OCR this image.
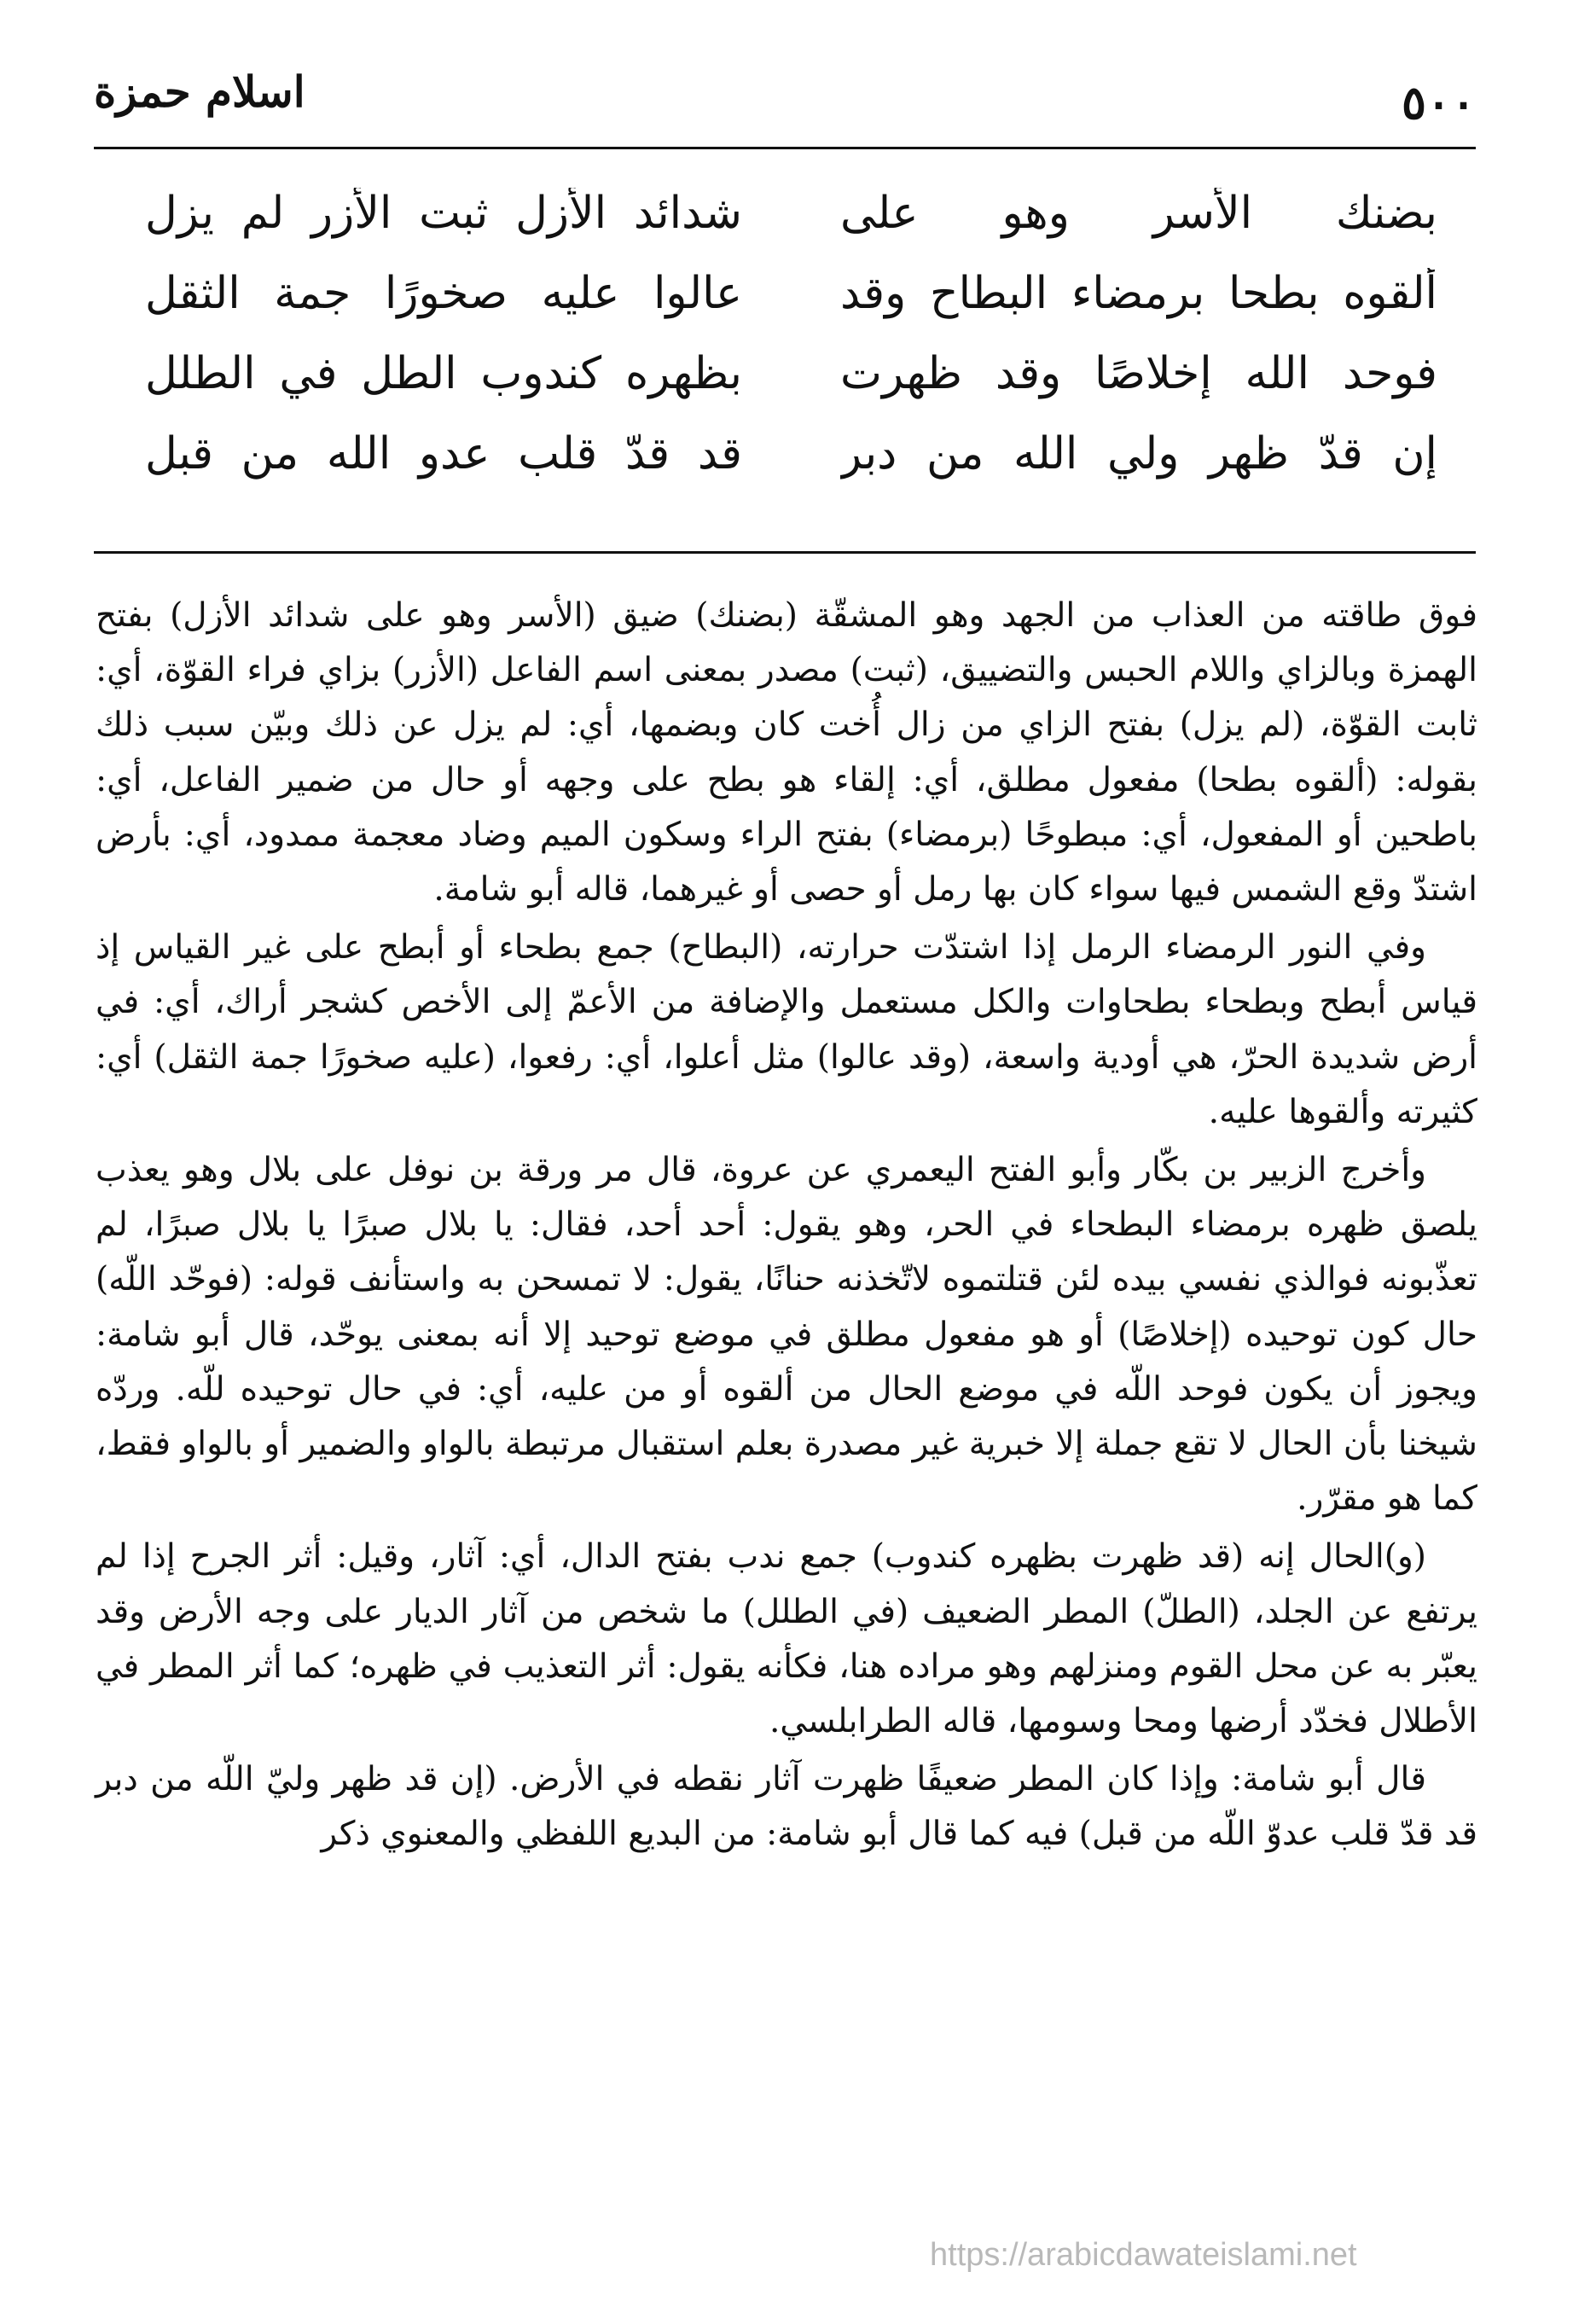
اسلام حمزة	٥٠٠
بضنك الأسر وهو على
شدائد الأزل ثبت الأزر لم يزل
ألقوه بطحا برمضاء البطاح وقد
عالوا عليه صخورًا جمة الثقل
فوحد الله إخلاصًا وقد ظهرت
بظهره كندوب الطل في الطلل
إن قدّ ظهر ولي الله من دبر
قد قدّ قلب عدو الله من قبل

فوق طاقته من العذاب من الجهد وهو المشقّة (بضنك) ضيق (الأسر وهو على شدائد الأزل) بفتح الهمزة وبالزاي واللام الحبس والتضييق، (ثبت) مصدر بمعنى اسم الفاعل (الأزر) بزاي فراء القوّة، أي: ثابت القوّة، (لم يزل) بفتح الزاي من زال أُخت كان وبضمها، أي: لم يزل عن ذلك وبيّن سبب ذلك بقوله: (ألقوه بطحا) مفعول مطلق، أي: إلقاء هو بطح على وجهه أو حال من ضمير الفاعل، أي: باطحين أو المفعول، أي: مبطوحًا (برمضاء) بفتح الراء وسكون الميم وضاد معجمة ممدود، أي: بأرض اشتدّ وقع الشمس فيها سواء كان بها رمل أو حصى أو غيرهما، قاله أبو شامة.

وفي النور الرمضاء الرمل إذا اشتدّت حرارته، (البطاح) جمع بطحاء أو أبطح على غير القياس إذ قياس أبطح وبطحاء بطحاوات والكل مستعمل والإضافة من الأعمّ إلى الأخص كشجر أراك، أي: في أرض شديدة الحرّ، هي أودية واسعة، (وقد عالوا) مثل أعلوا، أي: رفعوا، (عليه صخورًا جمة الثقل) أي: كثيرته وألقوها عليه.

وأخرج الزبير بن بكّار وأبو الفتح اليعمري عن عروة، قال مر ورقة بن نوفل على بلال وهو يعذب يلصق ظهره برمضاء البطحاء في الحر، وهو يقول: أحد أحد، فقال: يا بلال صبرًا يا بلال صبرًا، لم تعذّبونه فوالذي نفسي بيده لئن قتلتموه لاتّخذنه حنانًا، يقول: لا تمسحن به واستأنف قوله: (فوحّد اللّه) حال كون توحيده (إخلاصًا) أو هو مفعول مطلق في موضع توحيد إلا أنه بمعنى يوحّد، قال أبو شامة: ويجوز أن يكون فوحد اللّه في موضع الحال من ألقوه أو من عليه، أي: في حال توحيده للّه. وردّه شيخنا بأن الحال لا تقع جملة إلا خبرية غير مصدرة بعلم استقبال مرتبطة بالواو والضمير أو بالواو فقط، كما هو مقرّر.

(و)الحال إنه (قد ظهرت بظهره كندوب) جمع ندب بفتح الدال، أي: آثار، وقيل: أثر الجرح إذا لم يرتفع عن الجلد، (الطلّ) المطر الضعيف (في الطلل) ما شخص من آثار الديار على وجه الأرض وقد يعبّر به عن محل القوم ومنزلهم وهو مراده هنا، فكأنه يقول: أثر التعذيب في ظهره؛ كما أثر المطر في الأطلال فخدّد أرضها ومحا وسومها، قاله الطرابلسي.

قال أبو شامة: وإذا كان المطر ضعيفًا ظهرت آثار نقطه في الأرض. (إن قد ظهر وليّ اللّه من دبر قد قدّ قلب عدوّ اللّه من قبل) فيه كما قال أبو شامة: من البديع اللفظي والمعنوي ذكر

https://arabicdawateislami.net
